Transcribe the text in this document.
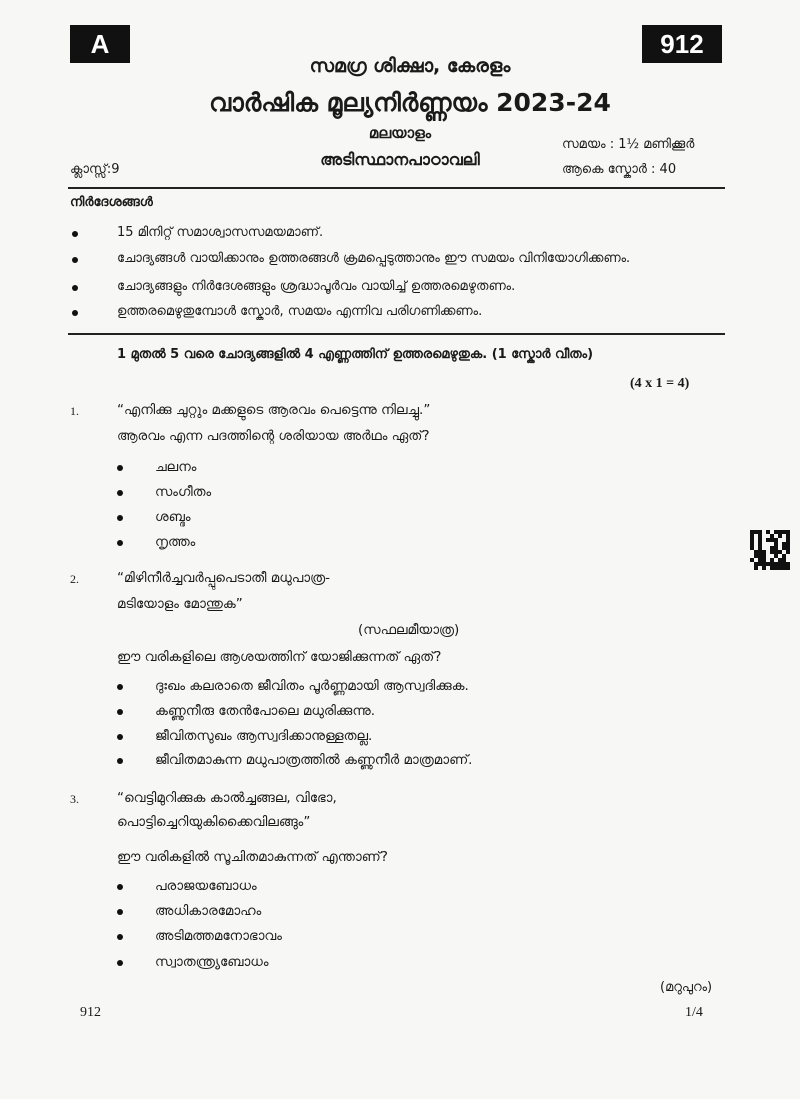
A	912
സമഗ്ര ശിക്ഷാ, കേരളം
വാർഷിക മൂല്യനിർണ്ണയം 2023-24
മലയാളം
അടിസ്ഥാനപാഠാവലി
ക്ലാസ്സ്:9
സമയം : 1½ മണിക്കൂർ
ആകെ സ്കോർ : 40
നിർദേശങ്ങൾ
15 മിനിറ്റ് സമാശ്വാസസമയമാണ്.
ചോദ്യങ്ങൾ വായിക്കാനും ഉത്തരങ്ങൾ ക്രമപ്പെടുത്താനും ഈ സമയം വിനിയോഗിക്കണം.
ചോദ്യങ്ങളും നിർദേശങ്ങളും ശ്രദ്ധാപൂർവം വായിച്ച് ഉത്തരമെഴുതണം.
ഉത്തരമെഴുതുമ്പോൾ സ്കോർ, സമയം എന്നിവ പരിഗണിക്കണം.
1 മുതൽ 5 വരെ ചോദ്യങ്ങളിൽ 4 എണ്ണത്തിന് ഉത്തരമെഴുതുക. (1 സ്കോർ വീതം)
(4 x 1 = 4)
1.	“എനിക്കു ചുറ്റും മക്കളുടെ ആരവം പെട്ടെന്നു നിലച്ചു.”
ആരവം എന്ന പദത്തിന്റെ ശരിയായ അർഥം ഏത്?
ചലനം
സംഗീതം
ശബ്ദം
നൃത്തം
2.	“മിഴിനീർച്ചവർപ്പുപെടാതീ മധുപാത്ര-
മടിയോളം മോന്തുക”
(സഫലമീയാത്ര)
ഈ വരികളിലെ ആശയത്തിന് യോജിക്കുന്നത് ഏത്?
ദുഃഖം കലരാതെ ജീവിതം പൂർണ്ണമായി ആസ്വദിക്കുക.
കണ്ണുനീരു തേൻപോലെ മധുരിക്കുന്നു.
ജീവിതസുഖം ആസ്വദിക്കാനുള്ളതല്ല.
ജീവിതമാകുന്ന മധുപാത്രത്തിൽ കണ്ണുനീർ മാത്രമാണ്.
3.	“വെട്ടിമുറിക്കുക കാൽച്ചങ്ങല, വിഭോ,
പൊട്ടിച്ചെറിയുകിക്കൈവിലങ്ങും”
ഈ വരികളിൽ സൂചിതമാകുന്നത് എന്താണ്?
പരാജയബോധം
അധികാരമോഹം
അടിമത്തമനോഭാവം
സ്വാതന്ത്ര്യബോധം
(മറുപുറം)
912	1/4
